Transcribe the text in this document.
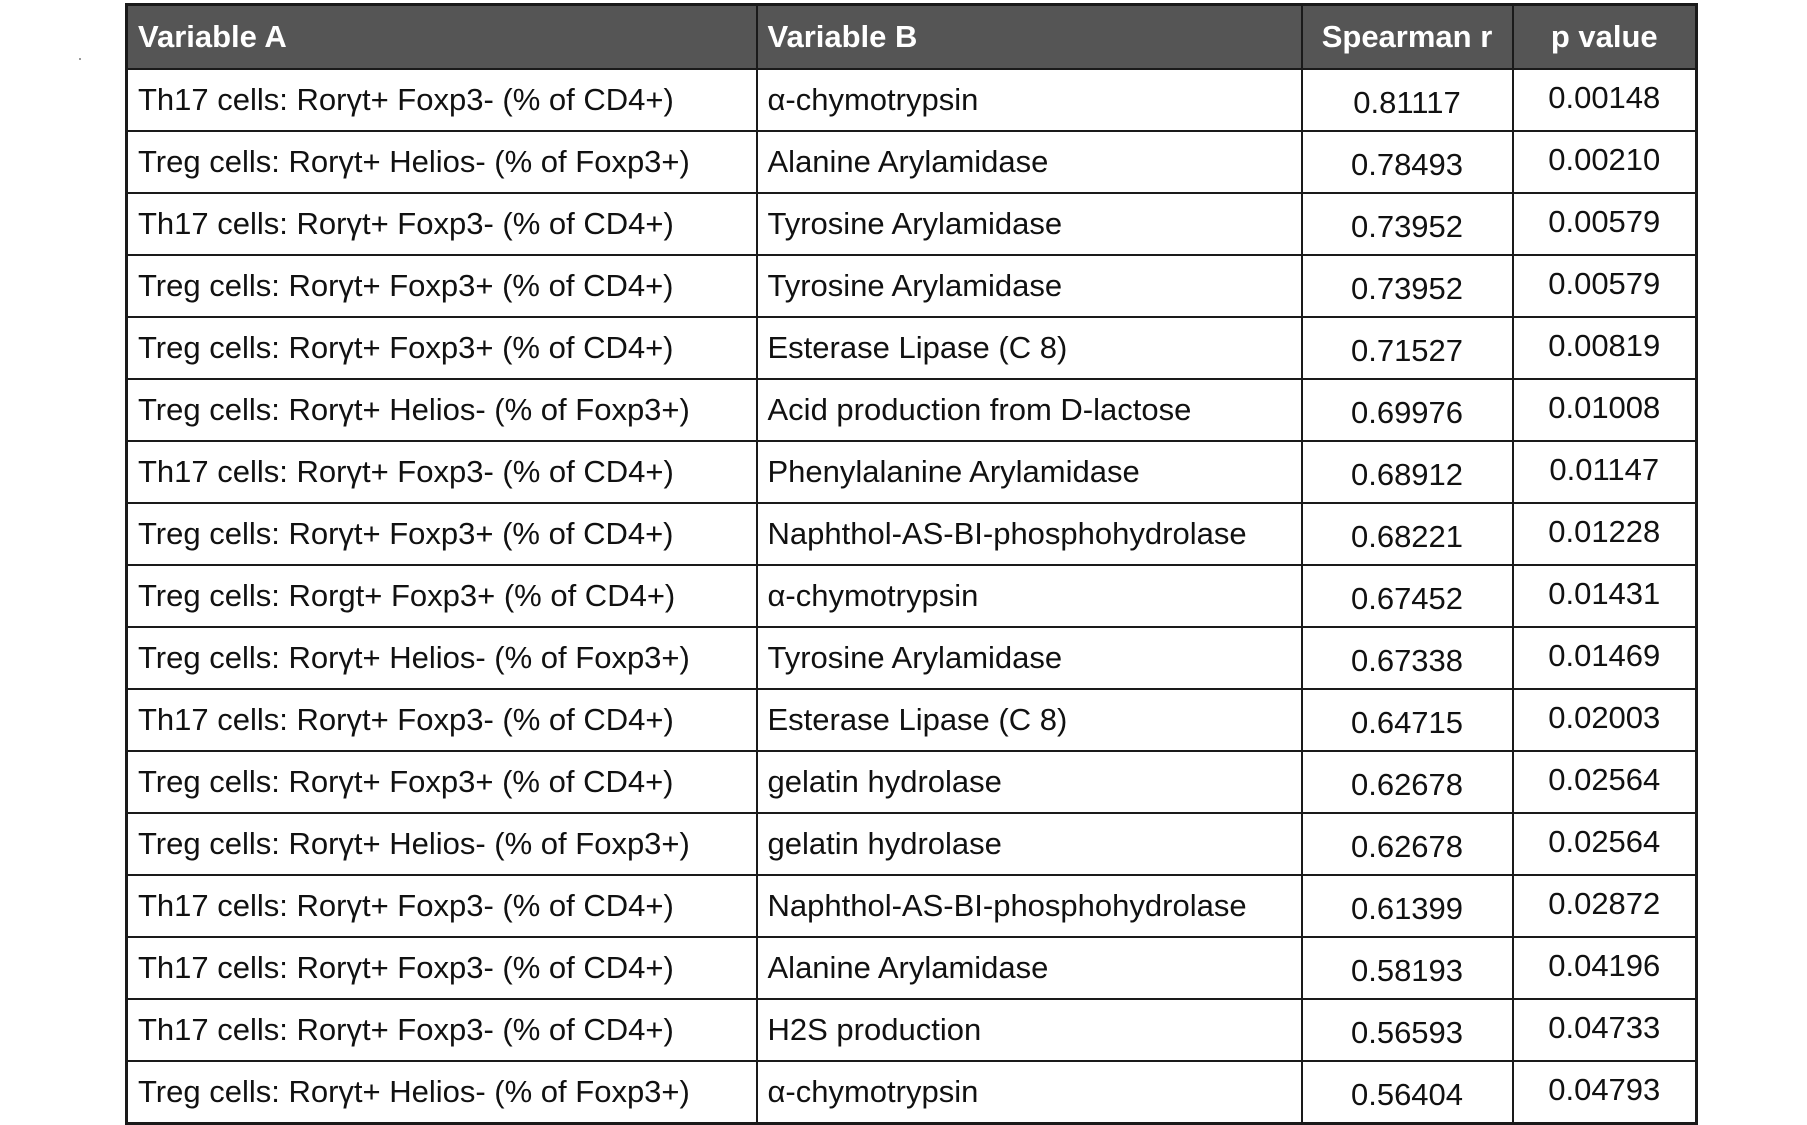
Variable A	Variable B	Spearman r	p value
Th17 cells: Rorγt+ Foxp3- (% of CD4+)	α-chymotrypsin	0.81117	0.00148
Treg cells: Rorγt+ Helios- (% of Foxp3+)	Alanine Arylamidase	0.78493	0.00210
Th17 cells: Rorγt+ Foxp3- (% of CD4+)	Tyrosine Arylamidase	0.73952	0.00579
Treg cells: Rorγt+ Foxp3+ (% of CD4+)	Tyrosine Arylamidase	0.73952	0.00579
Treg cells: Rorγt+ Foxp3+ (% of CD4+)	Esterase Lipase (C 8)	0.71527	0.00819
Treg cells: Rorγt+ Helios- (% of Foxp3+)	Acid production from D-lactose	0.69976	0.01008
Th17 cells: Rorγt+ Foxp3- (% of CD4+)	Phenylalanine Arylamidase	0.68912	0.01147
Treg cells: Rorγt+ Foxp3+ (% of CD4+)	Naphthol-AS-BI-phosphohydrolase	0.68221	0.01228
Treg cells: Rorgt+ Foxp3+ (% of CD4+)	α-chymotrypsin	0.67452	0.01431
Treg cells: Rorγt+ Helios- (% of Foxp3+)	Tyrosine Arylamidase	0.67338	0.01469
Th17 cells: Rorγt+ Foxp3- (% of CD4+)	Esterase Lipase (C 8)	0.64715	0.02003
Treg cells: Rorγt+ Foxp3+ (% of CD4+)	gelatin hydrolase	0.62678	0.02564
Treg cells: Rorγt+ Helios- (% of Foxp3+)	gelatin hydrolase	0.62678	0.02564
Th17 cells: Rorγt+ Foxp3- (% of CD4+)	Naphthol-AS-BI-phosphohydrolase	0.61399	0.02872
Th17 cells: Rorγt+ Foxp3- (% of CD4+)	Alanine Arylamidase	0.58193	0.04196
Th17 cells: Rorγt+ Foxp3- (% of CD4+)	H2S production	0.56593	0.04733
Treg cells: Rorγt+ Helios- (% of Foxp3+)	α-chymotrypsin	0.56404	0.04793
